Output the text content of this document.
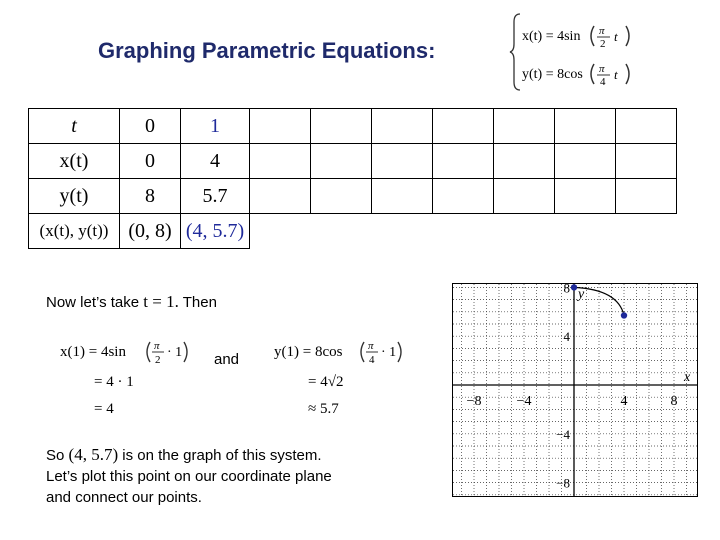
Graphing Parametric Equations:
x(t) = 4sin π
2 t
y(t) = 8cos π
4 t
t	0	1							
x(t)	0	4							
y(t)	8	5.7							
(x(t), y(t))	(0, 8)	(4, 5.7)							
Now let’s take t = 1. Then
x(1) = 4sin	π
2 · 1
= 4 · 1
= 4
and y(1) = 8cos π
4 · 1
= 4√2
≈ 5.7
So (4, 5.7) is on the graph of this system.
Let’s plot this point on our coordinate plane
and connect our points.
−8	−4	4	8
8
4
−4
−8
x
y
